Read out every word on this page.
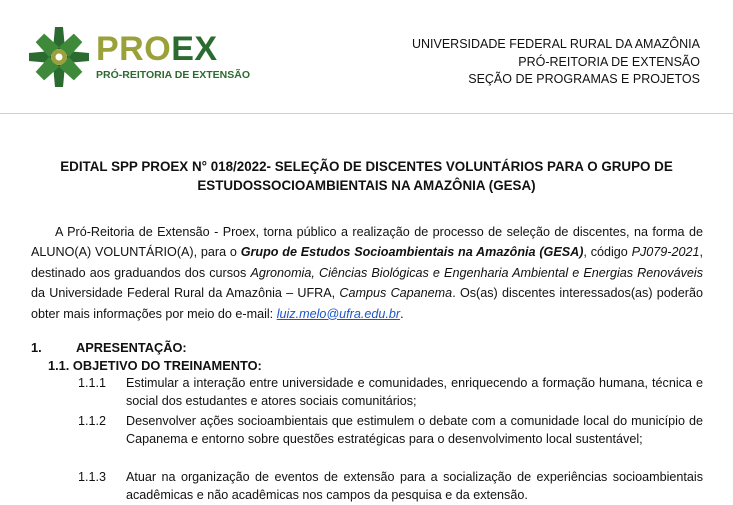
PROEX
PRÓ-REITORIA DE EXTENSÃO
UNIVERSIDADE FEDERAL RURAL DA AMAZÔNIA
PRÓ-REITORIA DE EXTENSÃO
SEÇÃO DE PROGRAMAS E PROJETOS
EDITAL SPP PROEX N° 018/2022- SELEÇÃO DE DISCENTES VOLUNTÁRIOS PARA O GRUPO DE
ESTUDOSSOCIOAMBIENTAIS NA AMAZÔNIA (GESA)
A Pró-Reitoria de Extensão - Proex, torna público a realização de processo de seleção de discentes, na forma de ALUNO(A) VOLUNTÁRIO(A), para o Grupo de Estudos Socioambientais na Amazônia (GESA), código PJ079-2021, destinado aos graduandos dos cursos Agronomia, Ciências Biológicas e Engenharia Ambiental e Energias Renováveis da Universidade Federal Rural da Amazônia – UFRA, Campus Capanema. Os(as) discentes interessados(as) poderão obter mais informações por meio do e-mail: luiz.melo@ufra.edu.br.
1.	APRESENTAÇÃO:
1.1. OBJETIVO DO TREINAMENTO:
1.1.1 Estimular a interação entre universidade e comunidades, enriquecendo a formação humana, técnica e social dos estudantes e atores sociais comunitários;
1.1.2 Desenvolver ações socioambientais que estimulem o debate com a comunidade local do município de Capanema e entorno sobre questões estratégicas para o desenvolvimento local sustentável;
1.1.3 Atuar na organização de eventos de extensão para a socialização de experiências socioambientais acadêmicas e não acadêmicas nos campos da pesquisa e da extensão.
